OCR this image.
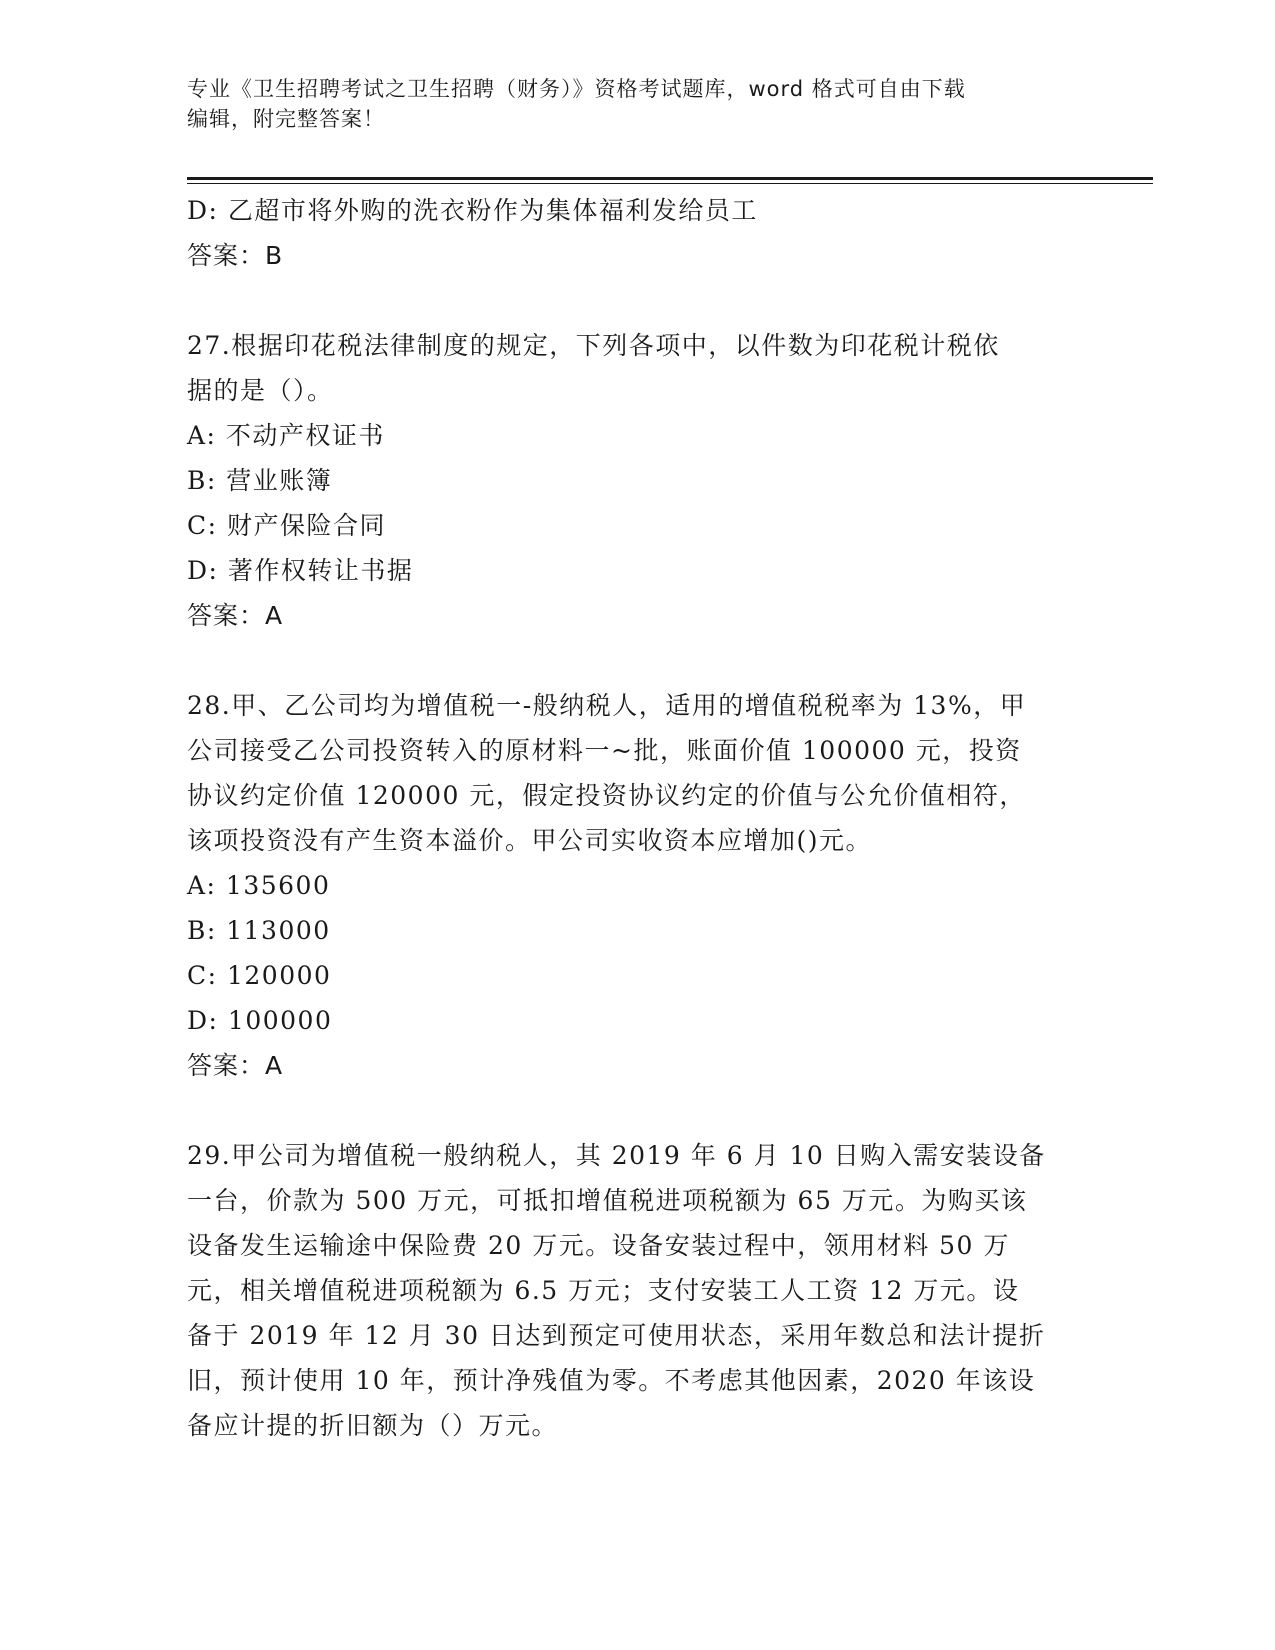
专业《卫生招聘考试之卫生招聘（财务）》资格考试题库，word 格式可自由下载
编辑，附完整答案！
D: 乙超市将外购的洗衣粉作为集体福利发给员工
答案：B
27.根据印花税法律制度的规定，下列各项中，以件数为印花税计税依
据的是（）。
A: 不动产权证书
B: 营业账簿
C: 财产保险合同
D: 著作权转让书据
答案：A
28.甲、乙公司均为增值税一-般纳税人，适用的增值税税率为 13%，甲
公司接受乙公司投资转入的原材料一~批，账面价值 100000 元，投资
协议约定价值 120000 元，假定投资协议约定的价值与公允价值相符，
该项投资没有产生资本溢价。甲公司实收资本应增加()元。
A: 135600
B: 113000
C: 120000
D: 100000
答案：A
29.甲公司为增值税一般纳税人，其 2019 年 6 月 10 日购入需安装设备
一台，价款为 500 万元，可抵扣增值税进项税额为 65 万元。为购买该
设备发生运输途中保险费 20 万元。设备安装过程中，领用材料 50 万
元，相关增值税进项税额为 6.5 万元；支付安装工人工资 12 万元。设
备于 2019 年 12 月 30 日达到预定可使用状态，采用年数总和法计提折
旧，预计使用 10 年，预计净残值为零。不考虑其他因素，2020 年该设
备应计提的折旧额为（）万元。
